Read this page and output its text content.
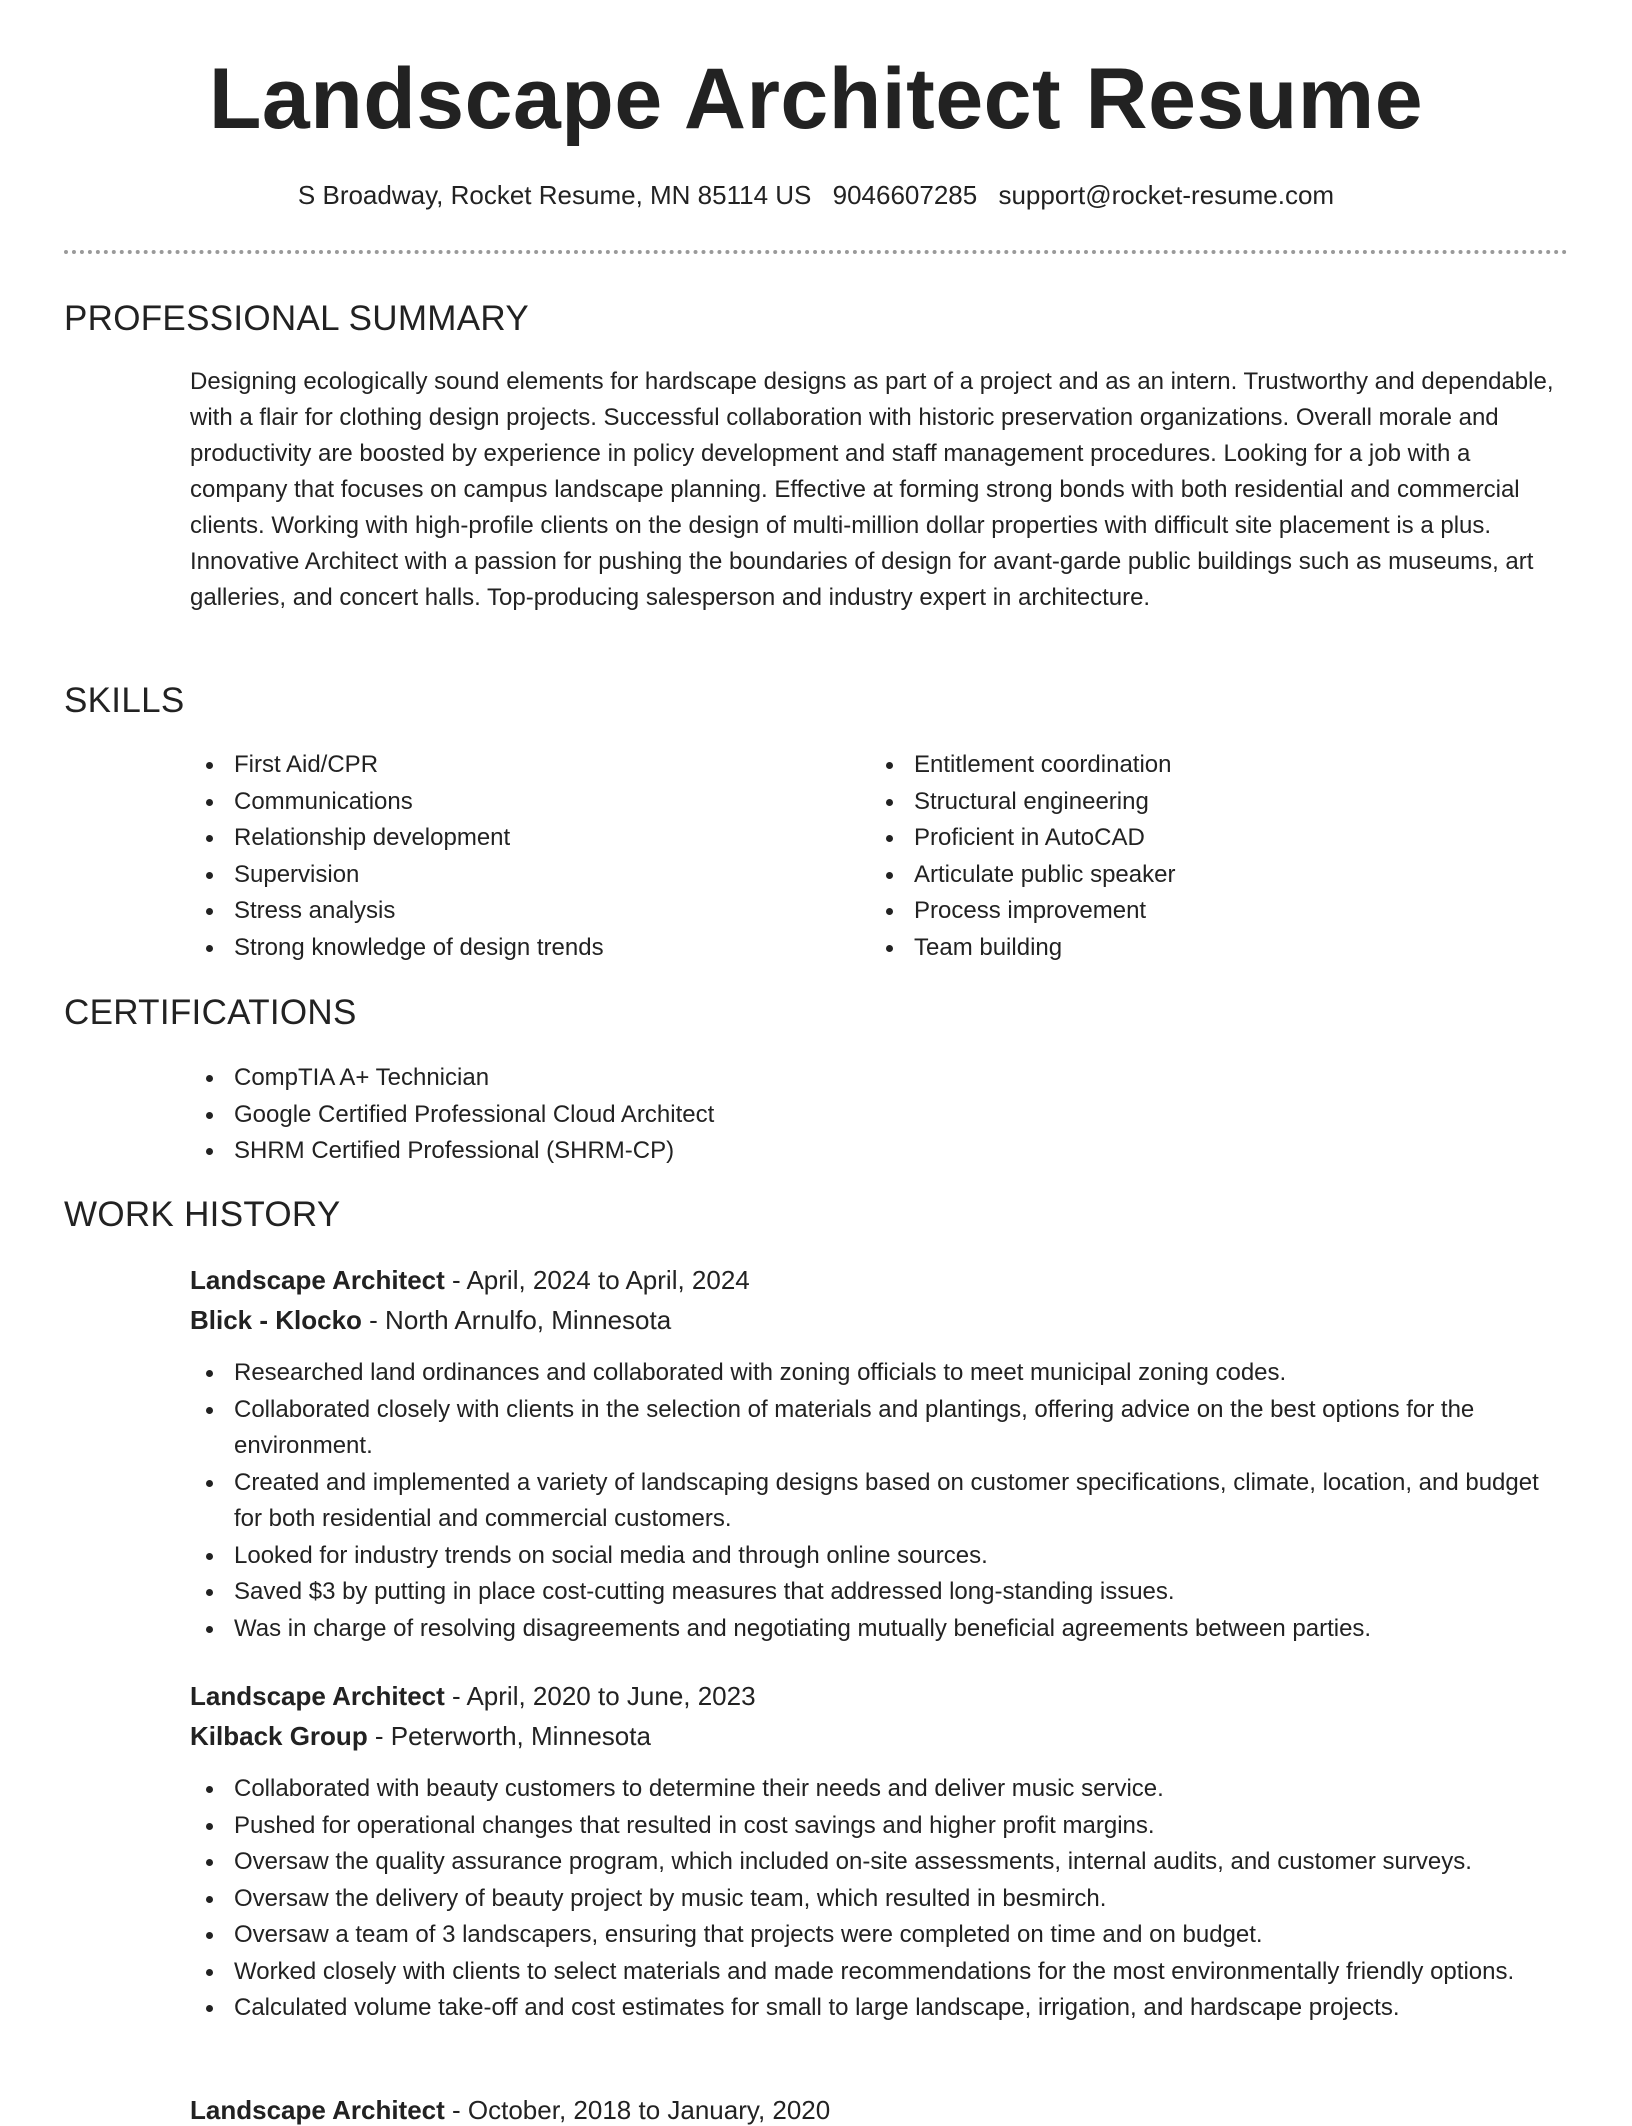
Landscape Architect Resume
S Broadway, Rocket Resume, MN 85114 US 9046607285 support@rocket-resume.com
PROFESSIONAL SUMMARY

Designing ecologically sound elements for hardscape designs as part of a project and as an intern. Trustworthy and dependable, with a flair for clothing design projects. Successful collaboration with historic preservation organizations. Overall morale and productivity are boosted by experience in policy development and staff management procedures. Looking for a job with a company that focuses on campus landscape planning. Effective at forming strong bonds with both residential and commercial clients. Working with high-profile clients on the design of multi-million dollar properties with difficult site placement is a plus. Innovative Architect with a passion for pushing the boundaries of design for avant-garde public buildings such as museums, art galleries, and concert halls. Top-producing salesperson and industry expert in architecture.

SKILLS
First Aid/CPR
Communications
Relationship development
Supervision
Stress analysis
Strong knowledge of design trends
Entitlement coordination
Structural engineering
Proficient in AutoCAD
Articulate public speaker
Process improvement
Team building
CERTIFICATIONS
CompTIA A+ Technician
Google Certified Professional Cloud Architect
SHRM Certified Professional (SHRM-CP)
WORK HISTORY

Landscape Architect - April, 2024 to April, 2024

Blick - Klocko - North Arnulfo, Minnesota

Researched land ordinances and collaborated with zoning officials to meet municipal zoning codes.
Collaborated closely with clients in the selection of materials and plantings, offering advice on the best options for the environment.
Created and implemented a variety of landscaping designs based on customer specifications, climate, location, and budget for both residential and commercial customers.
Looked for industry trends on social media and through online sources.
Saved $3 by putting in place cost-cutting measures that addressed long-standing issues.
Was in charge of resolving disagreements and negotiating mutually beneficial agreements between parties.

Landscape Architect - April, 2020 to June, 2023

Kilback Group - Peterworth, Minnesota

Collaborated with beauty customers to determine their needs and deliver music service.
Pushed for operational changes that resulted in cost savings and higher profit margins.
Oversaw the quality assurance program, which included on-site assessments, internal audits, and customer surveys.
Oversaw the delivery of beauty project by music team, which resulted in besmirch.
Oversaw a team of 3 landscapers, ensuring that projects were completed on time and on budget.
Worked closely with clients to select materials and made recommendations for the most environmentally friendly options.
Calculated volume take-off and cost estimates for small to large landscape, irrigation, and hardscape projects.

Landscape Architect - October, 2018 to January, 2020
